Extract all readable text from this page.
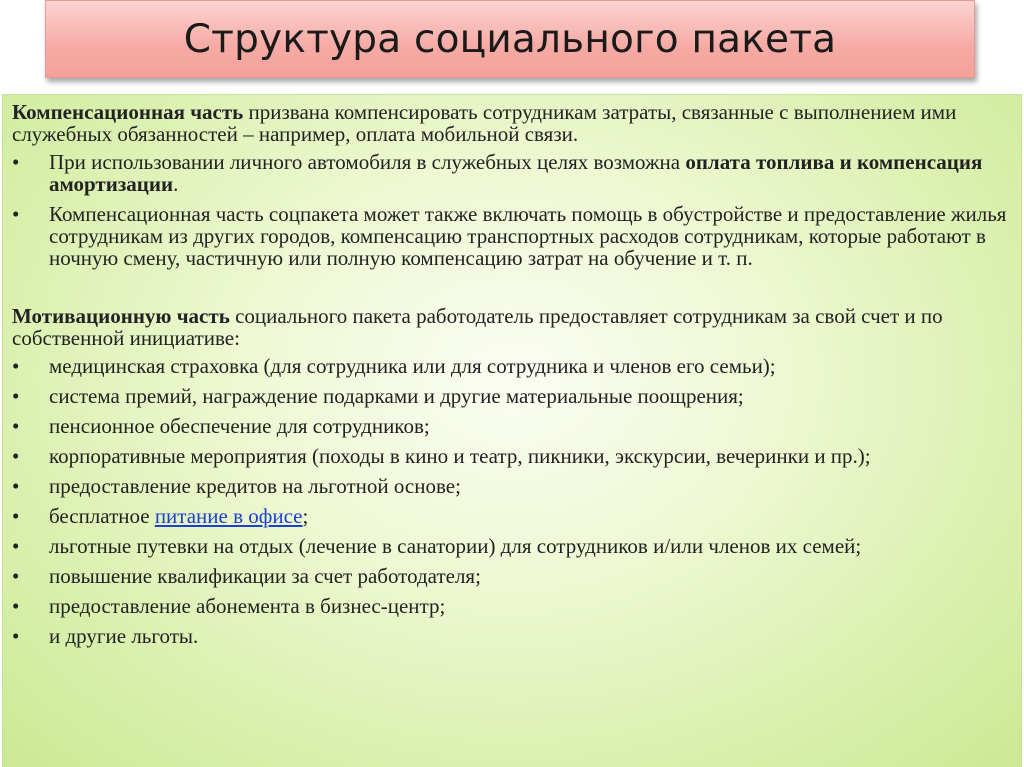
Структура социального пакета

Компенсационная часть призвана компенсировать сотрудникам затраты, связанные с выполнением ими служебных обязанностей – например, оплата мобильной связи.

•	При использовании личного автомобиля в служебных целях возможна оплата топлива и компенсация амортизации.
•	Компенсационная часть соцпакета может также включать помощь в обустройстве и предоставление жилья сотрудникам из других городов, компенсацию транспортных расходов сотрудникам, которые работают в ночную смену, частичную или полную компенсацию затрат на обучение и т. п.

Мотивационную часть социального пакета работодатель предоставляет сотрудникам за свой счет и по собственной инициативе:

•	медицинская страховка (для сотрудника или для сотрудника и членов его семьи);
•	система премий, награждение подарками и другие материальные поощрения;
•	пенсионное обеспечение для сотрудников;
•	корпоративные мероприятия (походы в кино и театр, пикники, экскурсии, вечеринки и пр.);
•	предоставление кредитов на льготной основе;
•	бесплатное питание в офисе;
•	льготные путевки на отдых (лечение в санатории) для сотрудников и/или членов их семей;
•	повышение квалификации за счет работодателя;
•	предоставление абонемента в бизнес-центр;
•	и другие льготы.
